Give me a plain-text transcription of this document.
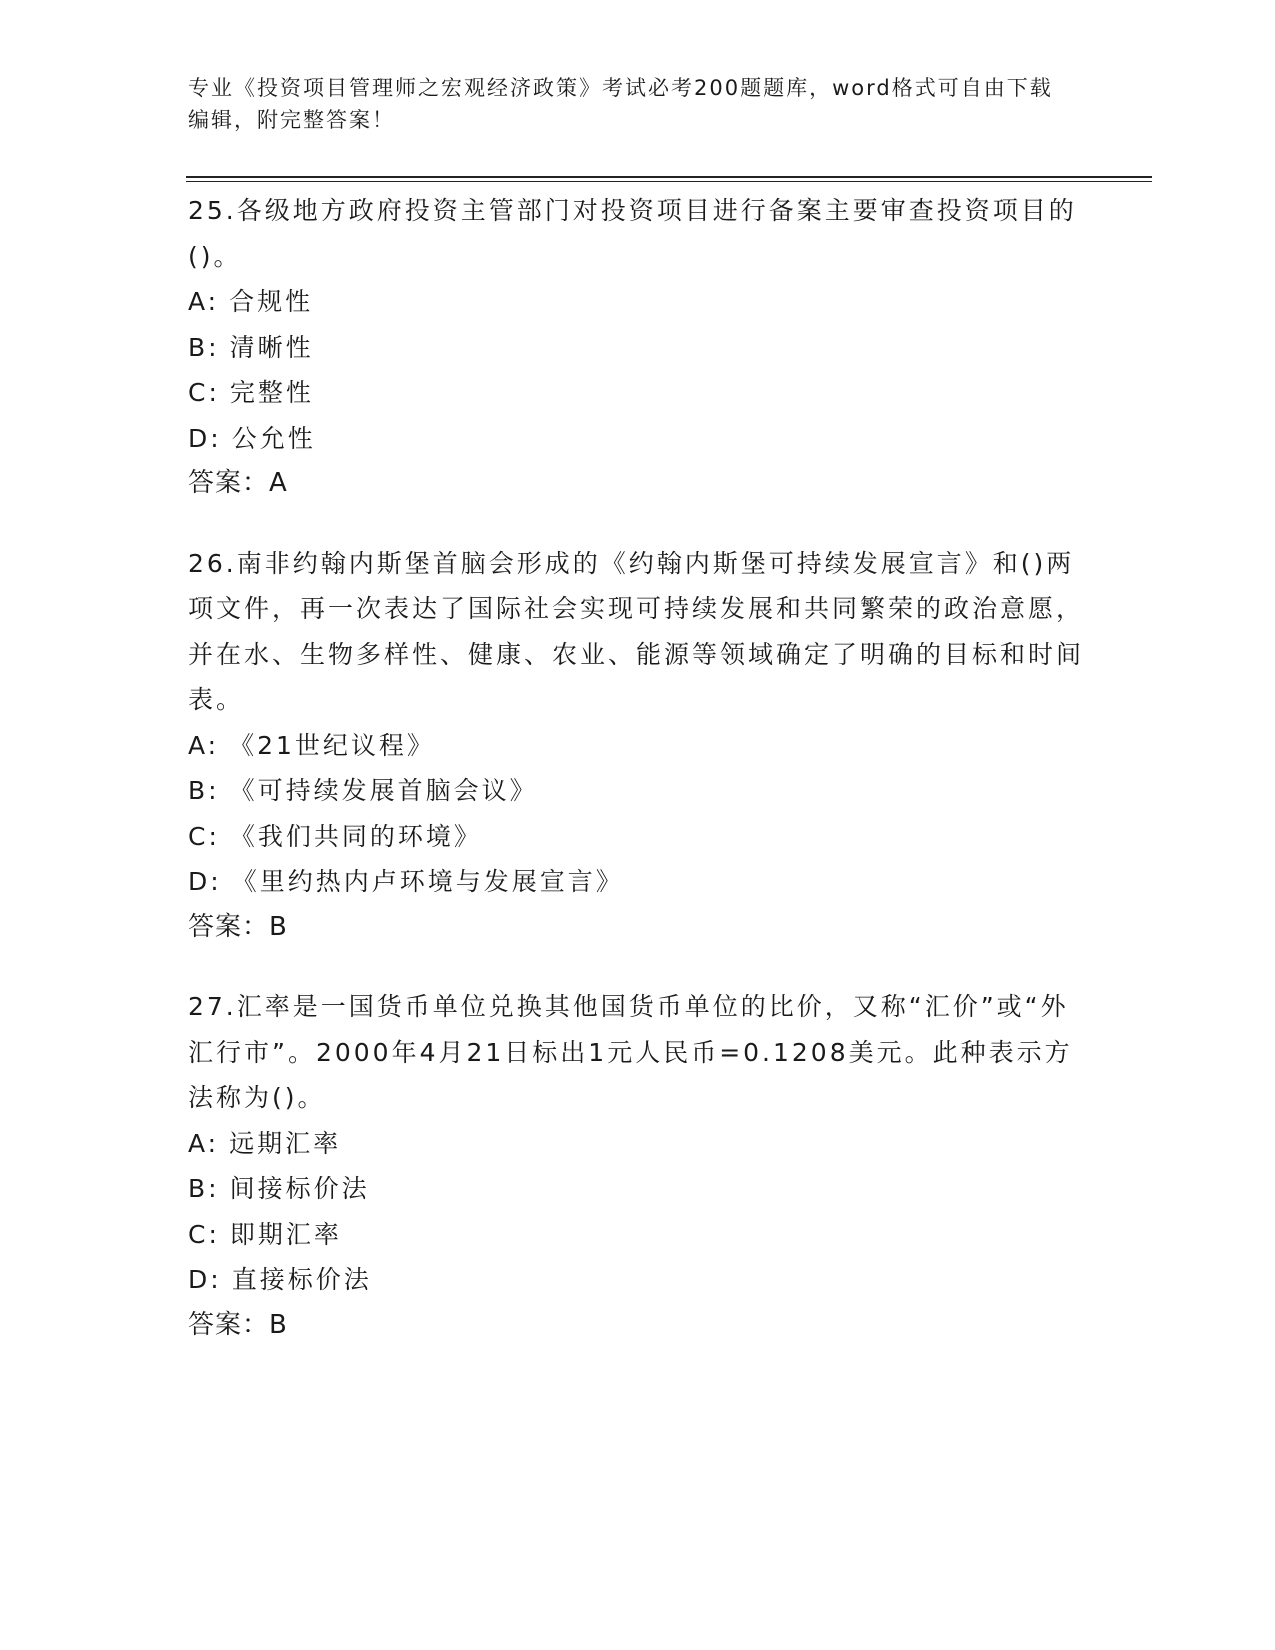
专业《投资项目管理师之宏观经济政策》考试必考200题题库，word格式可自由下载编辑，附完整答案！
25.各级地方政府投资主管部门对投资项目进行备案主要审查投资项目的()。
A: 合规性
B: 清晰性
C: 完整性
D: 公允性
答案：A
26.南非约翰内斯堡首脑会形成的《约翰内斯堡可持续发展宣言》和()两项文件，再一次表达了国际社会实现可持续发展和共同繁荣的政治意愿，并在水、生物多样性、健康、农业、能源等领域确定了明确的目标和时间表。
A: 《21世纪议程》
B: 《可持续发展首脑会议》
C: 《我们共同的环境》
D: 《里约热内卢环境与发展宣言》
答案：B
27.汇率是一国货币单位兑换其他国货币单位的比价，又称“汇价”或“外汇行市”。2000年4月21日标出1元人民币=0.1208美元。此种表示方法称为()。
A: 远期汇率
B: 间接标价法
C: 即期汇率
D: 直接标价法
答案：B
